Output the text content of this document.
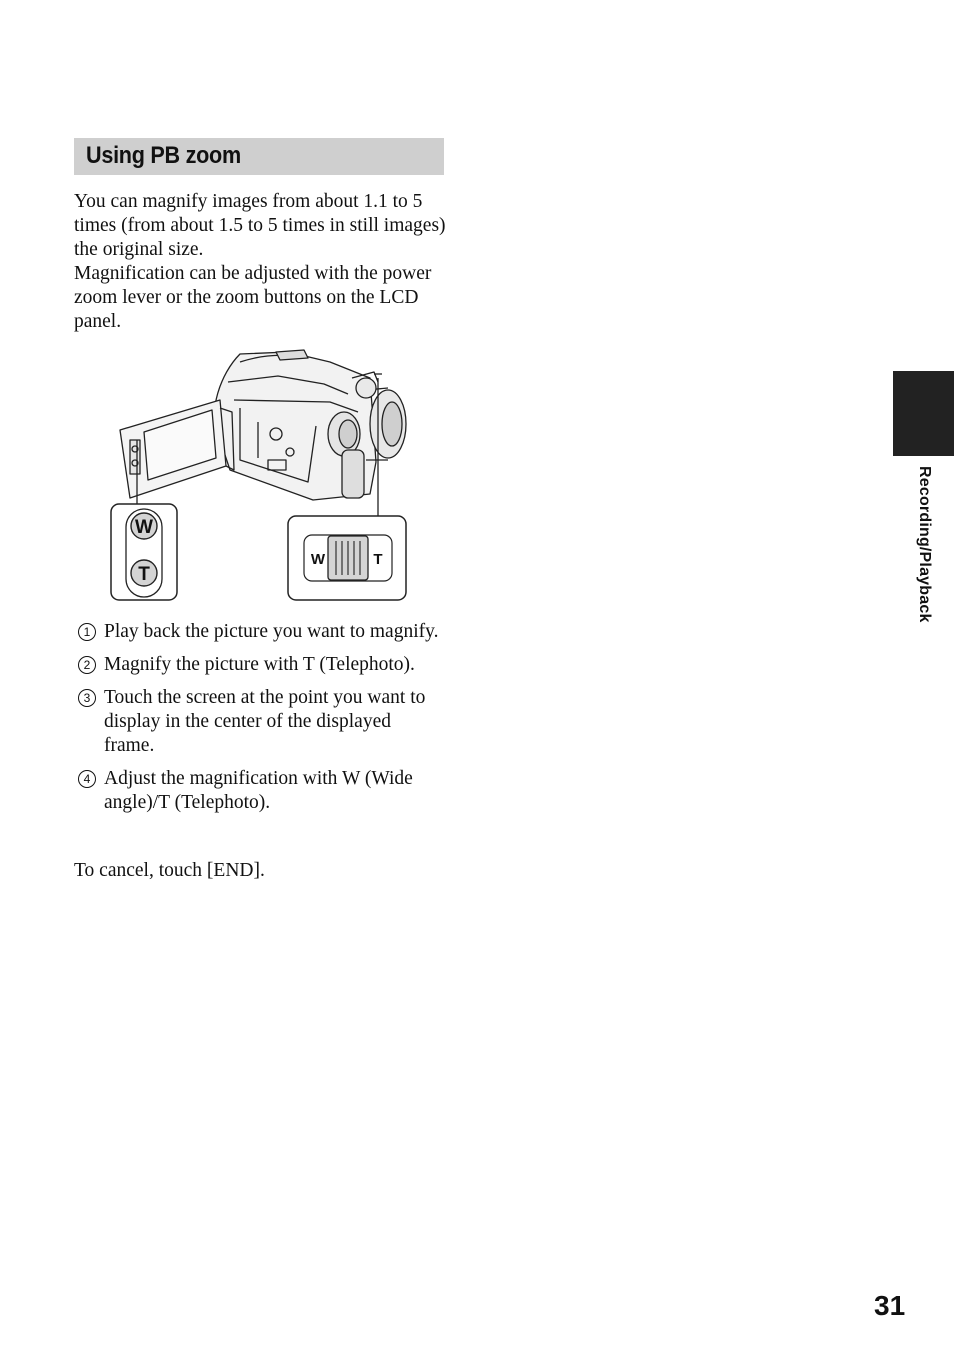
Using PB zoom

You can magnify images from about 1.1 to 5 times (from about 1.5 to 5 times in still images) the original size.

Magnification can be adjusted with the power zoom lever or the zoom buttons on the LCD panel.

W
T
W	T
1 Play back the picture you want to magnify.
2 Magnify the picture with T (Telephoto).
3 Touch the screen at the point you want to display in the center of the displayed frame.
4 Adjust the magnification with W (Wide angle)/T (Telephoto).
To cancel, touch [END].
Recording/Playback
31
